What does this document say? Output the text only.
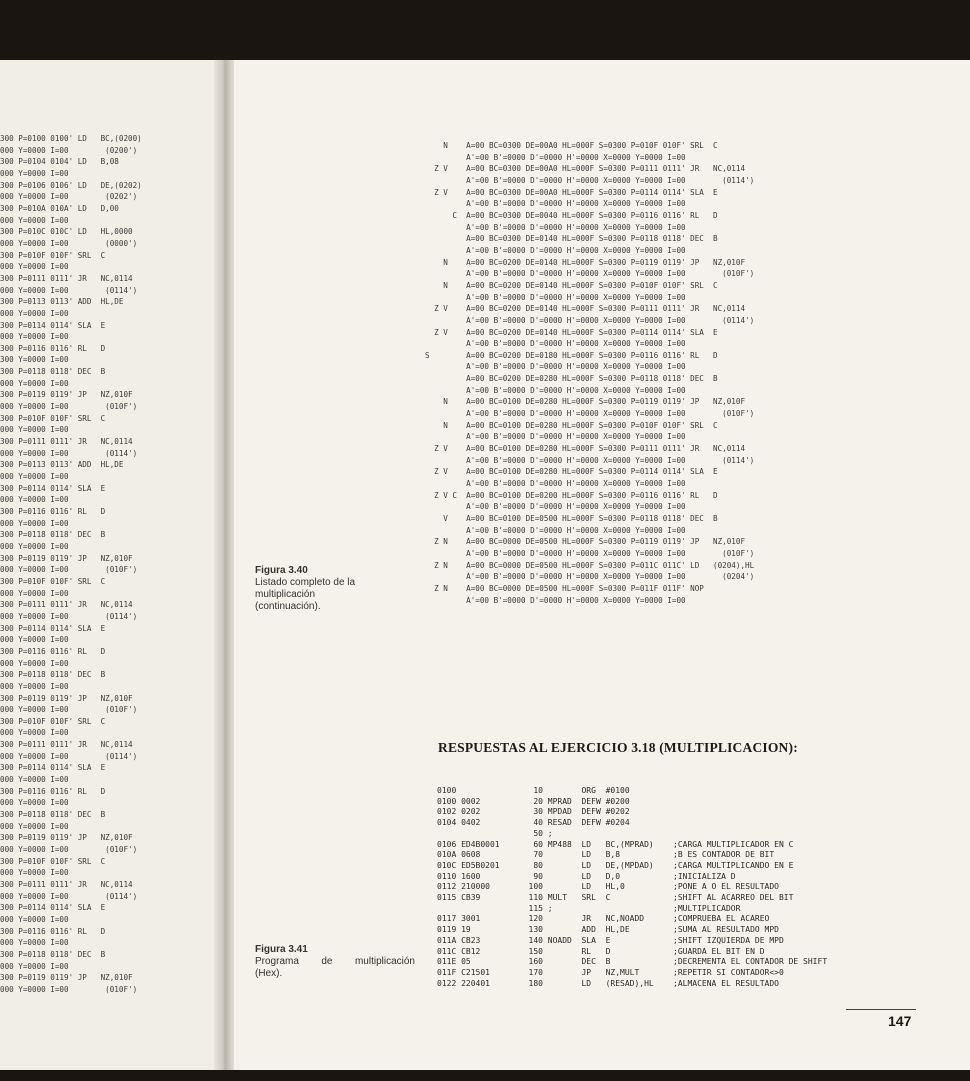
300 P=0100 0100' LD   BC,(0200)
000 Y=0000 I=00        (0200')
300 P=0104 0104' LD   B,08
000 Y=0000 I=00
300 P=0106 0106' LD   DE,(0202)
000 Y=0000 I=00        (0202')
300 P=010A 010A' LD   D,00
000 Y=0000 I=00
300 P=010C 010C' LD   HL,0000
000 Y=0000 I=00        (0000')
300 P=010F 010F' SRL  C
000 Y=0000 I=00
300 P=0111 0111' JR   NC,0114
000 Y=0000 I=00        (0114')
300 P=0113 0113' ADD  HL,DE
000 Y=0000 I=00
300 P=0114 0114' SLA  E
000 Y=0000 I=00
300 P=0116 0116' RL   D
300 Y=0000 I=00
300 P=0118 0118' DEC  B
000 Y=0000 I=00
300 P=0119 0119' JP   NZ,010F
000 Y=0000 I=00        (010F')
300 P=010F 010F' SRL  C
000 Y=0000 I=00
300 P=0111 0111' JR   NC,0114
000 Y=0000 I=00        (0114')
300 P=0113 0113' ADD  HL,DE
000 Y=0000 I=00
300 P=0114 0114' SLA  E
000 Y=0000 I=00
300 P=0116 0116' RL   D
000 Y=0000 I=00
300 P=0118 0118' DEC  B
000 Y=0000 I=00
300 P=0119 0119' JP   NZ,010F
000 Y=0000 I=00        (010F')
300 P=010F 010F' SRL  C
000 Y=0000 I=00
300 P=0111 0111' JR   NC,0114
000 Y=0000 I=00        (0114')
300 P=0114 0114' SLA  E
000 Y=0000 I=00
300 P=0116 0116' RL   D
000 Y=0000 I=00
300 P=0118 0118' DEC  B
000 Y=0000 I=00
300 P=0119 0119' JP   NZ,010F
000 Y=0000 I=00        (010F')
300 P=010F 010F' SRL  C
000 Y=0000 I=00
300 P=0111 0111' JR   NC,0114
000 Y=0000 I=00        (0114')
300 P=0114 0114' SLA  E
000 Y=0000 I=00
300 P=0116 0116' RL   D
000 Y=0000 I=00
300 P=0118 0118' DEC  B
000 Y=0000 I=00
300 P=0119 0119' JP   NZ,010F
000 Y=0000 I=00        (010F')
300 P=010F 010F' SRL  C
000 Y=0000 I=00
300 P=0111 0111' JR   NC,0114
000 Y=0000 I=00        (0114')
300 P=0114 0114' SLA  E
000 Y=0000 I=00
300 P=0116 0116' RL   D
000 Y=0000 I=00
300 P=0118 0118' DEC  B
000 Y=0000 I=00
300 P=0119 0119' JP   NZ,010F
000 Y=0000 I=00        (010F')
Figura 3.40
Listado completo de la multiplicación (continuación).
N    A=00 BC=0300 DE=00A0 HL=000F S=0300 P=010F 010F' SRL  C
A'=00 B'=0000 D'=0000 H'=0000 X=0000 Y=0000 I=00
Z V    A=00 BC=0300 DE=00A0 HL=000F S=0300 P=0111 0111' JR   NC,0114
A'=00 B'=0000 D'=0000 H'=0000 X=0000 Y=0000 I=00        (0114')
Z V    A=00 BC=0300 DE=00A0 HL=000F S=0300 P=0114 0114' SLA  E
A'=00 B'=0000 D'=0000 H'=0000 X=0000 Y=0000 I=00
C  A=00 BC=0300 DE=0040 HL=000F S=0300 P=0116 0116' RL   D
A'=00 B'=0000 D'=0000 H'=0000 X=0000 Y=0000 I=00
A=00 BC=0300 DE=0140 HL=000F S=0300 P=0118 0118' DEC  B
A'=00 B'=0000 D'=0000 H'=0000 X=0000 Y=0000 I=00
N    A=00 BC=0200 DE=0140 HL=000F S=0300 P=0119 0119' JP   NZ,010F
A'=00 B'=0000 D'=0000 H'=0000 X=0000 Y=0000 I=00        (010F')
N    A=00 BC=0200 DE=0140 HL=000F S=0300 P=010F 010F' SRL  C
A'=00 B'=0000 D'=0000 H'=0000 X=0000 Y=0000 I=00
Z V    A=00 BC=0200 DE=0140 HL=000F S=0300 P=0111 0111' JR   NC,0114
A'=00 B'=0000 D'=0000 H'=0000 X=0000 Y=0000 I=00        (0114')
Z V    A=00 BC=0200 DE=0140 HL=000F S=0300 P=0114 0114' SLA  E
A'=00 B'=0000 D'=0000 H'=0000 X=0000 Y=0000 I=00
S        A=00 BC=0200 DE=0180 HL=000F S=0300 P=0116 0116' RL   D
A'=00 B'=0000 D'=0000 H'=0000 X=0000 Y=0000 I=00
A=00 BC=0200 DE=0280 HL=000F S=0300 P=0118 0118' DEC  B
A'=00 B'=0000 D'=0000 H'=0000 X=0000 Y=0000 I=00
N    A=00 BC=0100 DE=0280 HL=000F S=0300 P=0119 0119' JP   NZ,010F
A'=00 B'=0000 D'=0000 H'=0000 X=0000 Y=0000 I=00        (010F')
N    A=00 BC=0100 DE=0280 HL=000F S=0300 P=010F 010F' SRL  C
A'=00 B'=0000 D'=0000 H'=0000 X=0000 Y=0000 I=00
Z V    A=00 BC=0100 DE=0280 HL=000F S=0300 P=0111 0111' JR   NC,0114
A'=00 B'=0000 D'=0000 H'=0000 X=0000 Y=0000 I=00        (0114')
Z V    A=00 BC=0100 DE=0280 HL=000F S=0300 P=0114 0114' SLA  E
A'=00 B'=0000 D'=0000 H'=0000 X=0000 Y=0000 I=00
Z V C  A=00 BC=0100 DE=0200 HL=000F S=0300 P=0116 0116' RL   D
A'=00 B'=0000 D'=0000 H'=0000 X=0000 Y=0000 I=00
V    A=00 BC=0100 DE=0500 HL=000F S=0300 P=0118 0118' DEC  B
A'=00 B'=0000 D'=0000 H'=0000 X=0000 Y=0000 I=00
Z N    A=00 BC=0000 DE=0500 HL=000F S=0300 P=0119 0119' JP   NZ,010F
A'=00 B'=0000 D'=0000 H'=0000 X=0000 Y=0000 I=00        (010F')
Z N    A=00 BC=0000 DE=0500 HL=000F S=0300 P=011C 011C' LD   (0204),HL
A'=00 B'=0000 D'=0000 H'=0000 X=0000 Y=0000 I=00        (0204')
Z N    A=00 BC=0000 DE=0500 HL=000F S=0300 P=011F 011F' NOP
A'=00 B'=0000 D'=0000 H'=0000 X=0000 Y=0000 I=00
RESPUESTAS AL EJERCICIO 3.18 (MULTIPLICACION):
0100                10        ORG  #0100
0100 0002           20 MPRAD  DEFW #0200
0102 0202           30 MPDAD  DEFW #0202
0104 0402           40 RESAD  DEFW #0204
50 ;
0106 ED4B0001       60 MP488  LD   BC,(MPRAD)    ;CARGA MULTIPLICADOR EN C
010A 0608           70        LD   B,8           ;B ES CONTADOR DE BIT
010C ED5B0201       80        LD   DE,(MPDAD)    ;CARGA MULTIPLICANDO EN E
0110 1600           90        LD   D,0           ;INICIALIZA D
0112 210000        100        LD   HL,0          ;PONE A O EL RESULTADO
0115 CB39          110 MULT   SRL  C             ;SHIFT AL ACARREO DEL BIT
115 ;                         ;MULTIPLICADOR
0117 3001          120        JR   NC,NOADD      ;COMPRUEBA EL ACAREO
0119 19            130        ADD  HL,DE         ;SUMA AL RESULTADO MPD
011A CB23          140 NOADD  SLA  E             ;SHIFT IZQUIERDA DE MPD
011C CB12          150        RL   D             ;GUARDA EL BIT EN D
011E 05            160        DEC  B             ;DECREMENTA EL CONTADOR DE SHIFT
011F C21501        170        JP   NZ,MULT       ;REPETIR SI CONTADOR<>0
0122 220401        180        LD   (RESAD),HL    ;ALMACENA EL RESULTADO
Figura 3.41
Programa de multiplicación
(Hex).
147
